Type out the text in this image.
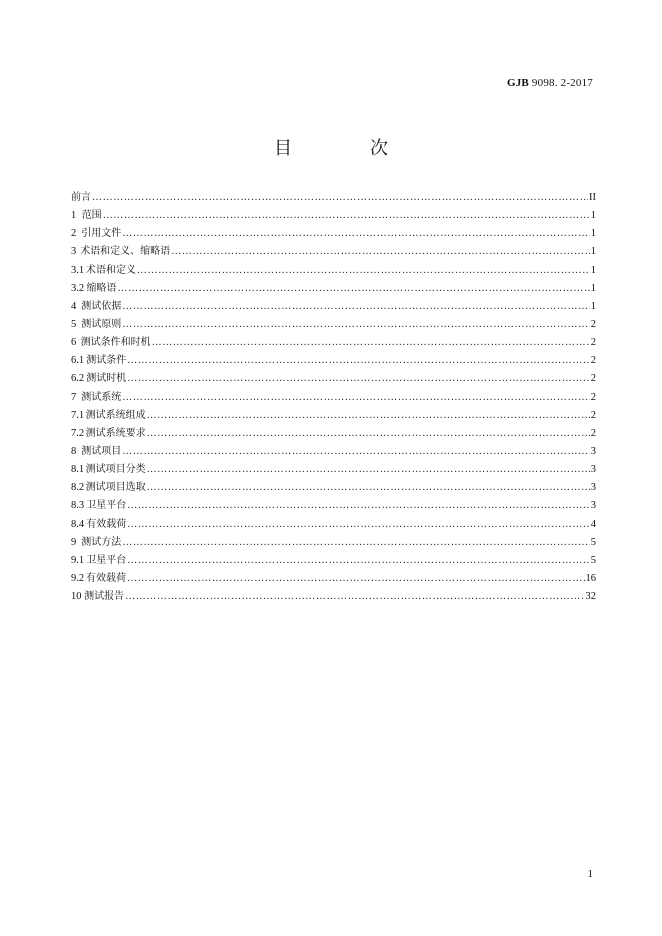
GJB 9098. 2-2017
目　次
前言 ……………………………………………………………………………………………………………………………………………………………………………………………………………………………………	II
1 范围 ……………………………………………………………………………………………………………………………………………………………………………………………………………………………………	1
2 引用文件 ……………………………………………………………………………………………………………………………………………………………………………………………………………………………………	1
3 术语和定义、缩略语 ……………………………………………………………………………………………………………………………………………………………………………………………………………………………………	1
3.1 术语和定义 ……………………………………………………………………………………………………………………………………………………………………………………………………………………………………	1
3.2 缩略语 ……………………………………………………………………………………………………………………………………………………………………………………………………………………………………	1
4 测试依据 ……………………………………………………………………………………………………………………………………………………………………………………………………………………………………	1
5 测试原则 ……………………………………………………………………………………………………………………………………………………………………………………………………………………………………	2
6 测试条件和时机 ……………………………………………………………………………………………………………………………………………………………………………………………………………………………………	2
6.1 测试条件 ……………………………………………………………………………………………………………………………………………………………………………………………………………………………………	2
6.2 测试时机 ……………………………………………………………………………………………………………………………………………………………………………………………………………………………………	2
7 测试系统 ……………………………………………………………………………………………………………………………………………………………………………………………………………………………………	2
7.1 测试系统组成 ……………………………………………………………………………………………………………………………………………………………………………………………………………………………………	2
7.2 测试系统要求 ……………………………………………………………………………………………………………………………………………………………………………………………………………………………………	2
8 测试项目 ……………………………………………………………………………………………………………………………………………………………………………………………………………………………………	3
8.1 测试项目分类 ……………………………………………………………………………………………………………………………………………………………………………………………………………………………………	3
8.2 测试项目选取 ……………………………………………………………………………………………………………………………………………………………………………………………………………………………………	3
8.3 卫星平台 ……………………………………………………………………………………………………………………………………………………………………………………………………………………………………	3
8.4 有效载荷 ……………………………………………………………………………………………………………………………………………………………………………………………………………………………………	4
9 测试方法 ……………………………………………………………………………………………………………………………………………………………………………………………………………………………………	5
9.1 卫星平台 ……………………………………………………………………………………………………………………………………………………………………………………………………………………………………	5
9.2 有效载荷 ……………………………………………………………………………………………………………………………………………………………………………………………………………………………………	16
10 测试报告 ……………………………………………………………………………………………………………………………………………………………………………………………………………………………………	32
1
